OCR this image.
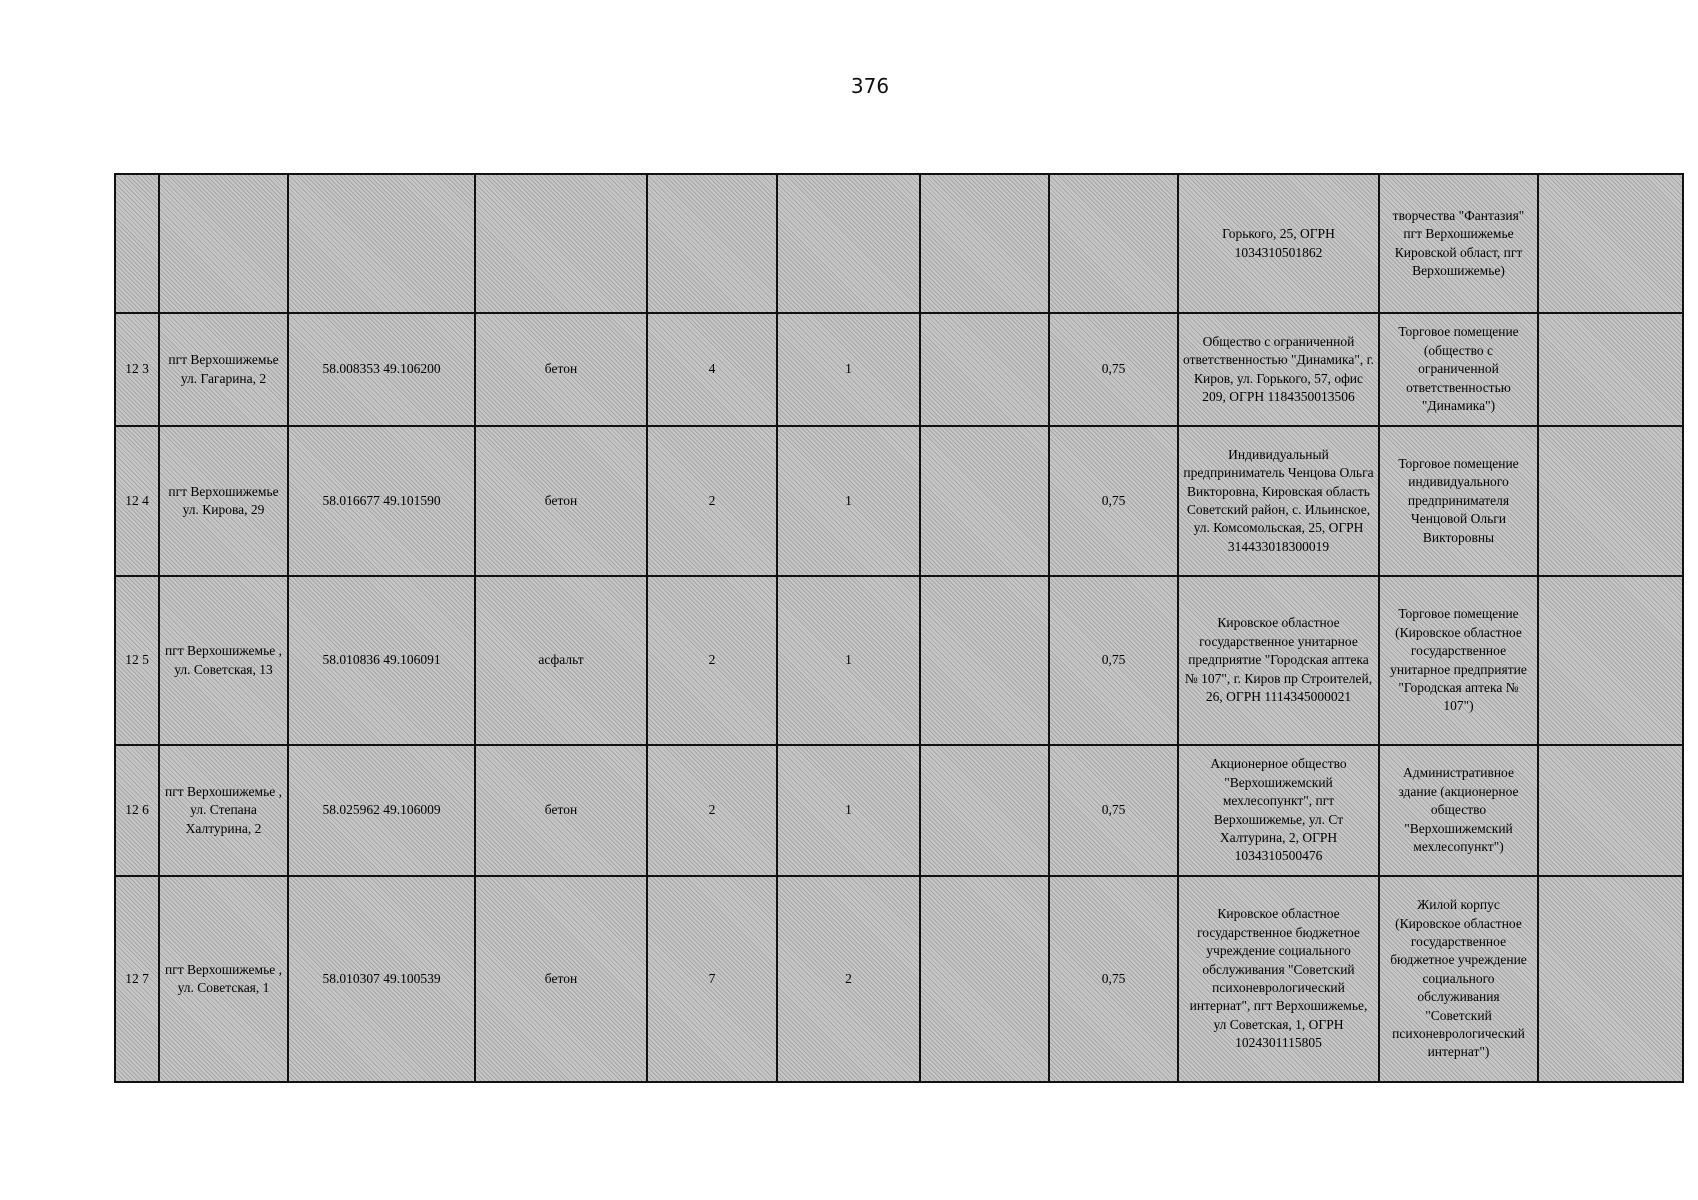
376
								Горького, 25, ОГРН 1034310501862	творчества "Фантазия" пгт Верхошижемье Кировской област, пгт Верхошижемье)	
12 3	пгт Верхошижемье ул. Гагарина, 2	58.008353 49.106200	бетон	4	1		0,75	Общество с ограниченной ответственностью "Динамика", г. Киров, ул. Горького, 57, офис 209, ОГРН 1184350013506	Торговое помещение (общество с ограниченной ответственностью "Динамика")	
12 4	пгт Верхошижемье ул. Кирова, 29	58.016677 49.101590	бетон	2	1		0,75	Индивидуальный предприниматель Ченцова Ольга Викторовна, Кировская область Советский район, с. Ильинское, ул. Комсомольская, 25, ОГРН 314433018300019	Торговое помещение индивидуального предпринимателя Ченцовой Ольги Викторовны	
12 5	пгт Верхошижемье , ул. Советская, 13	58.010836 49.106091	асфальт	2	1		0,75	Кировское областное государственное унитарное предприятие "Городская аптека № 107", г. Киров пр Строителей, 26, ОГРН 1114345000021	Торговое помещение (Кировское областное государственное унитарное предприятие "Городская аптека № 107")	
12 6	пгт Верхошижемье , ул. Степана Халтурина, 2	58.025962 49.106009	бетон	2	1		0,75	Акционерное общество "Верхошижемский мехлесопункт", пгт Верхошижемье, ул. Ст Халтурина, 2, ОГРН 1034310500476	Административное здание (акционерное общество "Верхошижемский мехлесопункт")	
12 7	пгт Верхошижемье , ул. Советская, 1	58.010307 49.100539	бетон	7	2		0,75	Кировское областное государственное бюджетное учреждение социального обслуживания "Советский психоневрологический интернат", пгт Верхошижемье, ул Советская, 1, ОГРН 1024301115805	Жилой корпус (Кировское областное государственное бюджетное учреждение социального обслуживания "Советский психоневрологический интернат")	
